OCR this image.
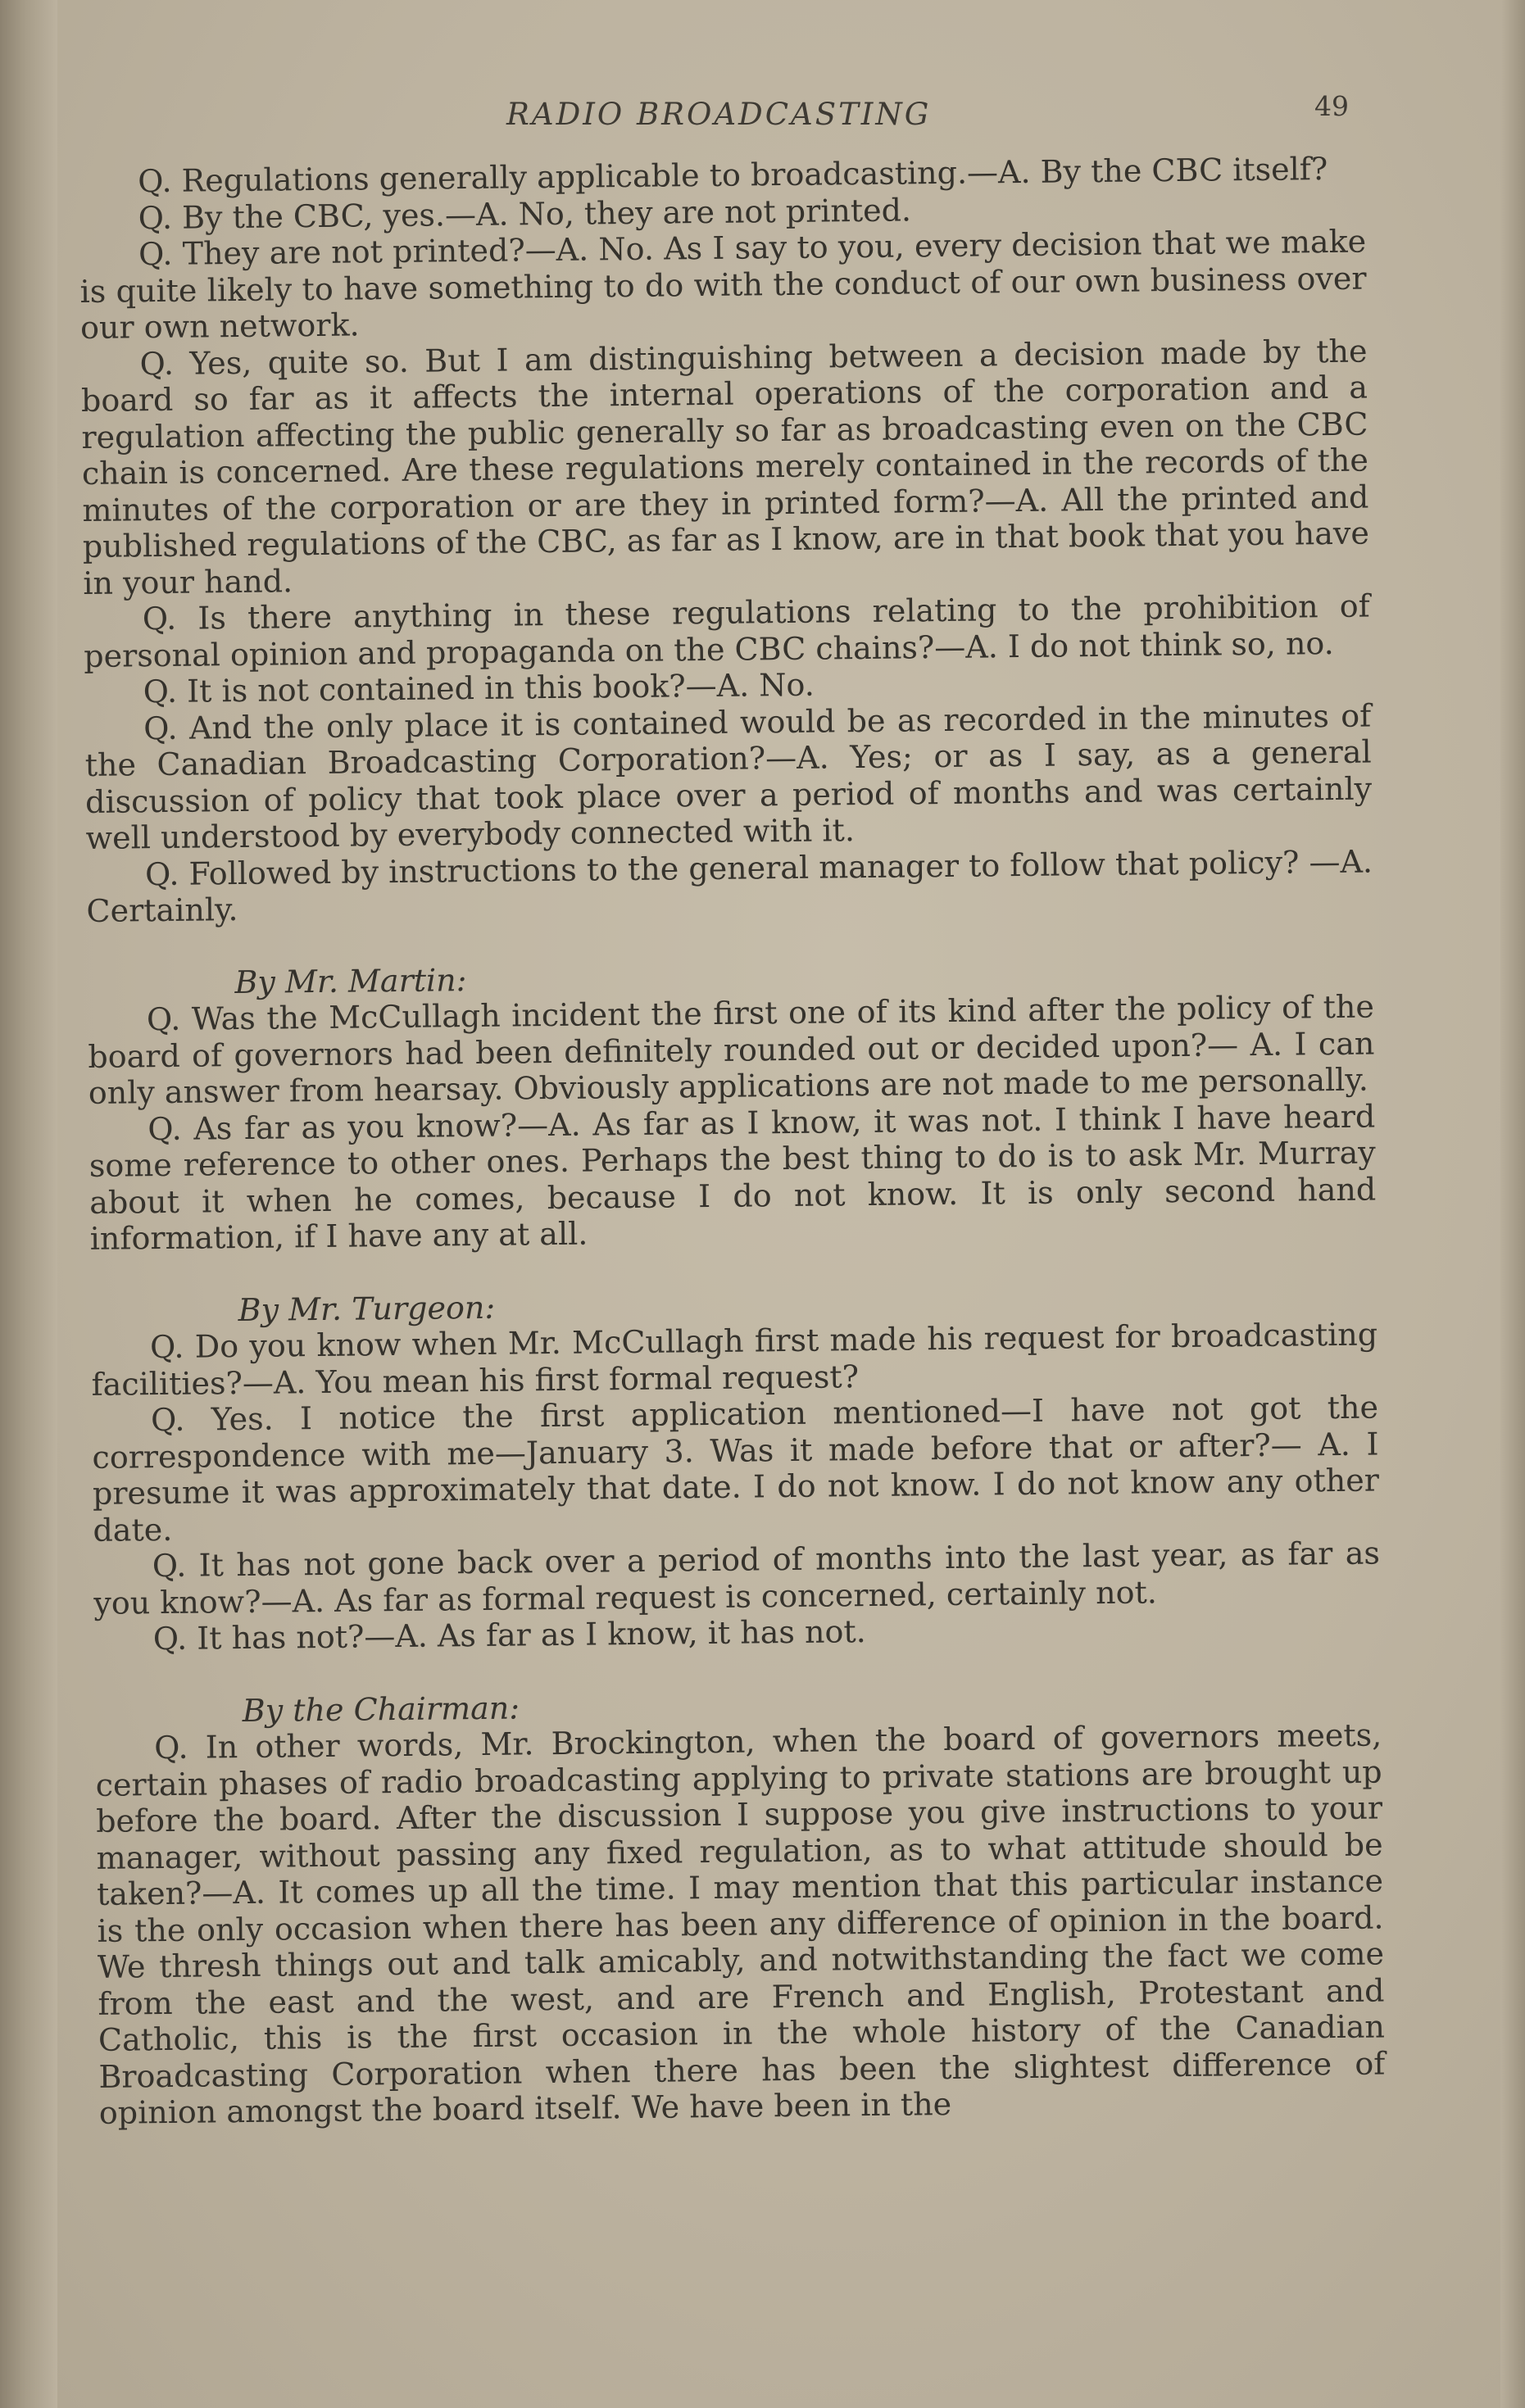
RADIO BROADCASTING	49

Q. Regulations generally applicable to broadcasting.—A. By the CBC itself?

Q. By the CBC, yes.—A. No, they are not printed.

Q. They are not printed?—A. No. As I say to you, every decision that we make is quite likely to have something to do with the conduct of our own business over our own network.

Q. Yes, quite so. But I am distinguishing between a decision made by the board so far as it affects the internal operations of the corporation and a regulation affecting the public generally so far as broadcasting even on the CBC chain is concerned. Are these regulations merely contained in the records of the minutes of the corporation or are they in printed form?—A. All the printed and published regulations of the CBC, as far as I know, are in that book that you have in your hand.

Q. Is there anything in these regulations relating to the prohibition of personal opinion and propaganda on the CBC chains?—A. I do not think so, no.

Q. It is not contained in this book?—A. No.

Q. And the only place it is contained would be as recorded in the minutes of the Canadian Broadcasting Corporation?—A. Yes; or as I say, as a general discussion of policy that took place over a period of months and was certainly well understood by everybody connected with it.

Q. Followed by instructions to the general manager to follow that policy? —A. Certainly.

By Mr. Martin:

Q. Was the McCullagh incident the first one of its kind after the policy of the board of governors had been definitely rounded out or decided upon?— A. I can only answer from hearsay. Obviously applications are not made to me personally.

Q. As far as you know?—A. As far as I know, it was not. I think I have heard some reference to other ones. Perhaps the best thing to do is to ask Mr. Murray about it when he comes, because I do not know. It is only second hand information, if I have any at all.

By Mr. Turgeon:

Q. Do you know when Mr. McCullagh first made his request for broadcasting facilities?—A. You mean his first formal request?

Q. Yes. I notice the first application mentioned—I have not got the correspondence with me—January 3. Was it made before that or after?— A. I presume it was approximately that date. I do not know. I do not know any other date.

Q. It has not gone back over a period of months into the last year, as far as you know?—A. As far as formal request is concerned, certainly not.

Q. It has not?—A. As far as I know, it has not.

By the Chairman:

Q. In other words, Mr. Brockington, when the board of governors meets, certain phases of radio broadcasting applying to private stations are brought up before the board. After the discussion I suppose you give instructions to your manager, without passing any fixed regulation, as to what attitude should be taken?—A. It comes up all the time. I may mention that this particular instance is the only occasion when there has been any difference of opinion in the board. We thresh things out and talk amicably, and notwithstanding the fact we come from the east and the west, and are French and English, Protestant and Catholic, this is the first occasion in the whole history of the Canadian Broadcasting Corporation when there has been the slightest difference of opinion amongst the board itself. We have been in the
